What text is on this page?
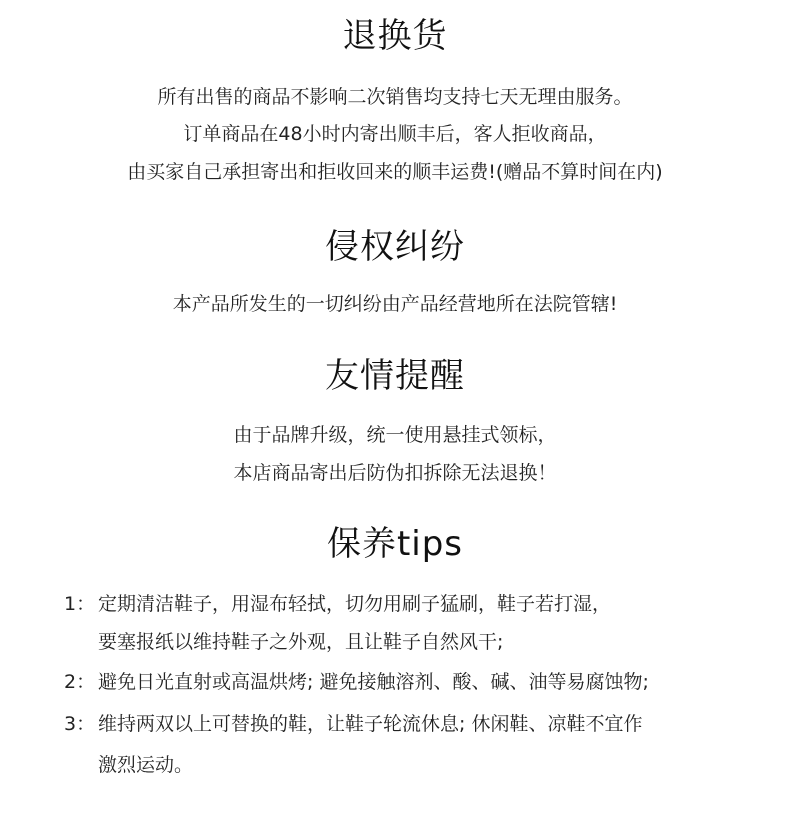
退换货

所有出售的商品不影响二次销售均支持七天无理由服务。

订单商品在48小时内寄出顺丰后，客人拒收商品，

由买家自己承担寄出和拒收回来的顺丰运费!(赠品不算时间在内)

侵权纠纷

本产品所发生的一切纠纷由产品经营地所在法院管辖!

友情提醒

由于品牌升级，统一使用悬挂式领标，

本店商品寄出后防伪扣拆除无法退换！

保养tips
1： 定期清洁鞋子，用湿布轻拭，切勿用刷子猛刷，鞋子若打湿，
要塞报纸以维持鞋子之外观，且让鞋子自然风干;
2： 避免日光直射或高温烘烤; 避免接触溶剂、酸、碱、油等易腐蚀物;
3： 维持两双以上可替换的鞋，让鞋子轮流休息; 休闲鞋、凉鞋不宜作
激烈运动。
